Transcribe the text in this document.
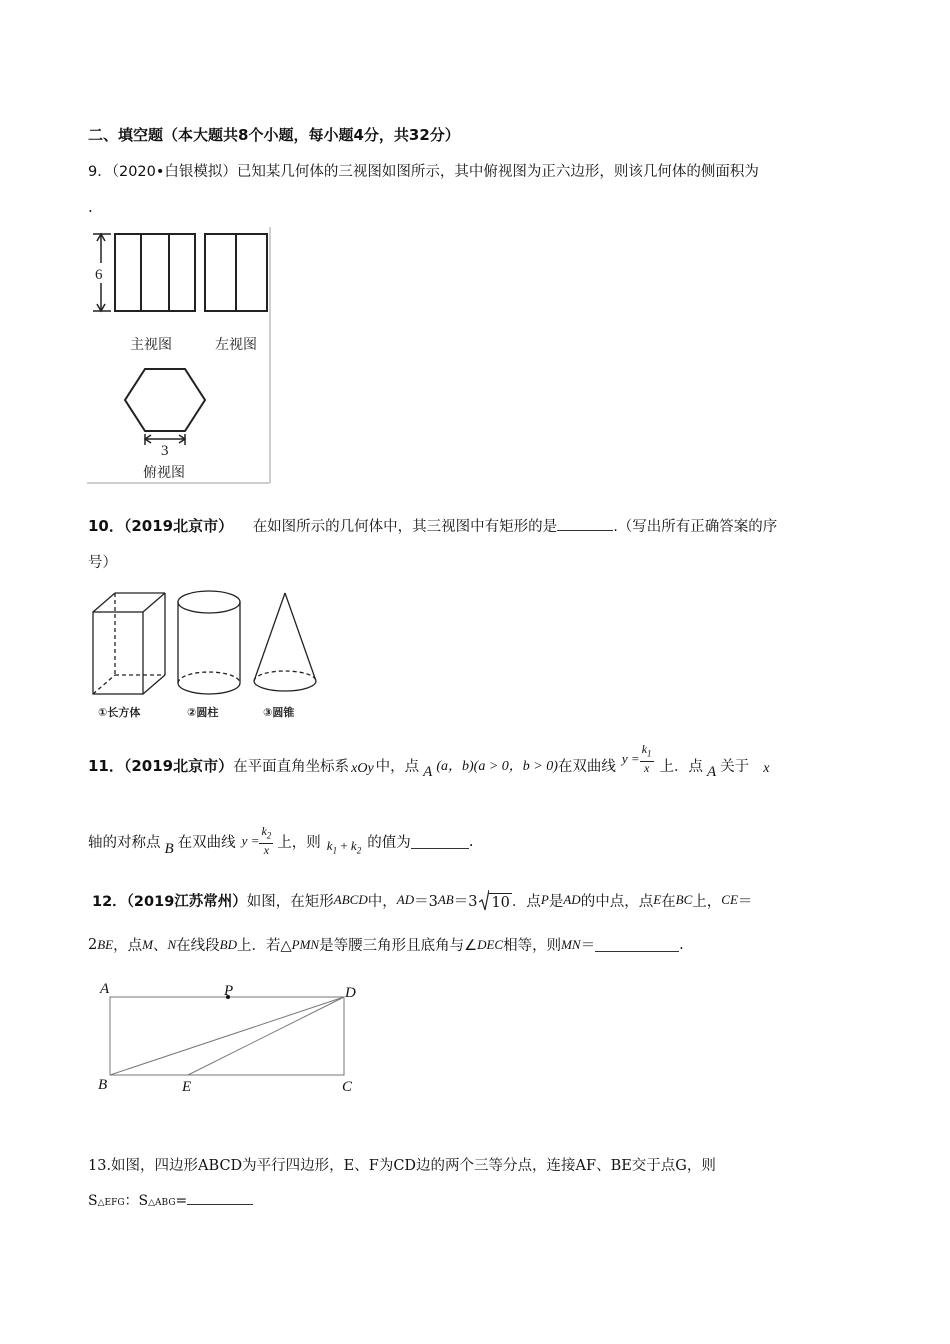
二、填空题（本大题共8个小题，每小题4分，共32分）
9．（2020•白银模拟）已知某几何体的三视图如图所示，其中俯视图为正六边形，则该几何体的侧面积为
.
6
主视图	左视图
3
俯视图
10．（2019北京市） 在如图所示的几何体中，其三视图中有矩形的是	.（写出所有正确答案的序
号）
①长方体	②圆柱	③圆锥
11．（2019北京市） 在平面直角坐标系 xOy 中，点 A (a，b)(a > 0，b > 0) 在双曲线 $y = \frac{k_1}{x}$ 上．点 A 关于 x
轴的对称点 B 在双曲线 $y = \frac{k_2}{x}$ 上，则 $k_1 + k_2$
的值为	.
12．（2019江苏常州） 如图，在矩形 ABCD 中， AD ＝3 AB ＝3 10 ．点 P 是 AD 的中点，点 E 在 BC 上， CE ＝
2 BE ，点 M 、 N 在线段 BD 上．若△ PMN 是等腰三角形且底角与∠ DEC 相等，则 MN ＝	.
A	P	D
B	E	C
13.如图，四边形ABCD为平行四边形，E、F为CD边的两个三等分点，连接AF、BE交于点G，则
S△EFG：S△ABG=
